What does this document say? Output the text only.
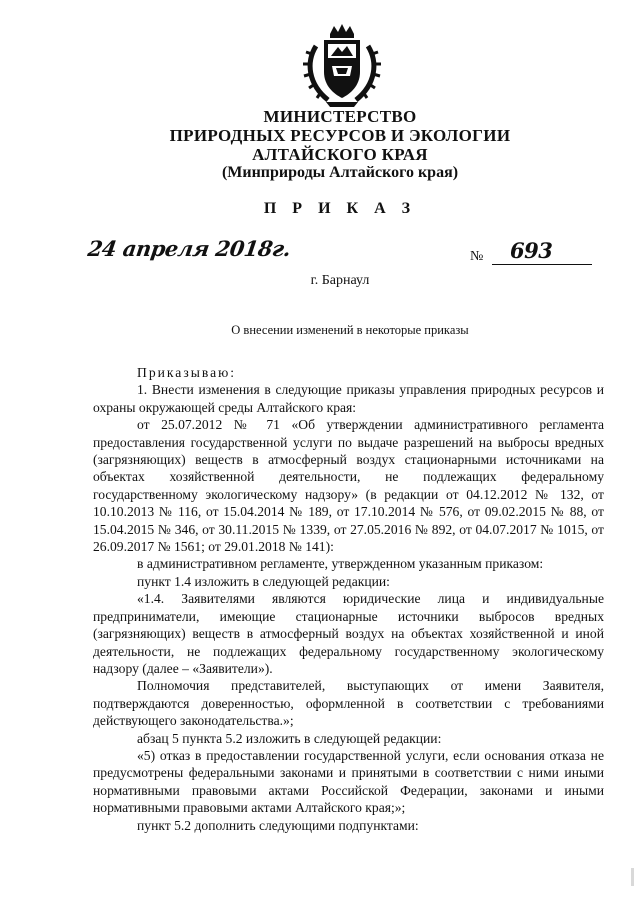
МИНИСТЕРСТВО
ПРИРОДНЫХ РЕСУРСОВ И ЭКОЛОГИИ
АЛТАЙСКОГО КРАЯ
(Минприроды Алтайского края)
П Р И К А З
24 апреля 2018г.	№ 693
г. Барнаул
О внесении изменений в некоторые приказы

Приказываю:

1. Внести изменения в следующие приказы управления природных ресурсов и охраны окружающей среды Алтайского края:

от 25.07.2012 № 71 «Об утверждении административного регламента предоставления государственной услуги по выдаче разрешений на выбросы вредных (загрязняющих) веществ в атмосферный воздух стационарными источниками на объектах хозяйственной деятельности, не подлежащих федеральному государственному экологическому надзору» (в редакции от 04.12.2012 № 132, от 10.10.2013 № 116, от 15.04.2014 № 189, от 17.10.2014 № 576, от 09.02.2015 № 88, от 15.04.2015 № 346, от 30.11.2015 № 1339, от 27.05.2016 № 892, от 04.07.2017 № 1015, от 26.09.2017 № 1561; от 29.01.2018 № 141):

в административном регламенте, утвержденном указанным приказом:

пункт 1.4 изложить в следующей редакции:

«1.4. Заявителями являются юридические лица и индивидуальные предприниматели, имеющие стационарные источники выбросов вредных (загрязняющих) веществ в атмосферный воздух на объектах хозяйственной и иной деятельности, не подлежащих федеральному государственному экологическому надзору (далее – «Заявители»).

Полномочия представителей, выступающих от имени Заявителя, подтверждаются доверенностью, оформленной в соответствии с требованиями действующего законодательства.»;

абзац 5 пункта 5.2 изложить в следующей редакции:

«5) отказ в предоставлении государственной услуги, если основания отказа не предусмотрены федеральными законами и принятыми в соответствии с ними иными нормативными правовыми актами Российской Федерации, законами и иными нормативными правовыми актами Алтайского края;»;

пункт 5.2 дополнить следующими подпунктами:
